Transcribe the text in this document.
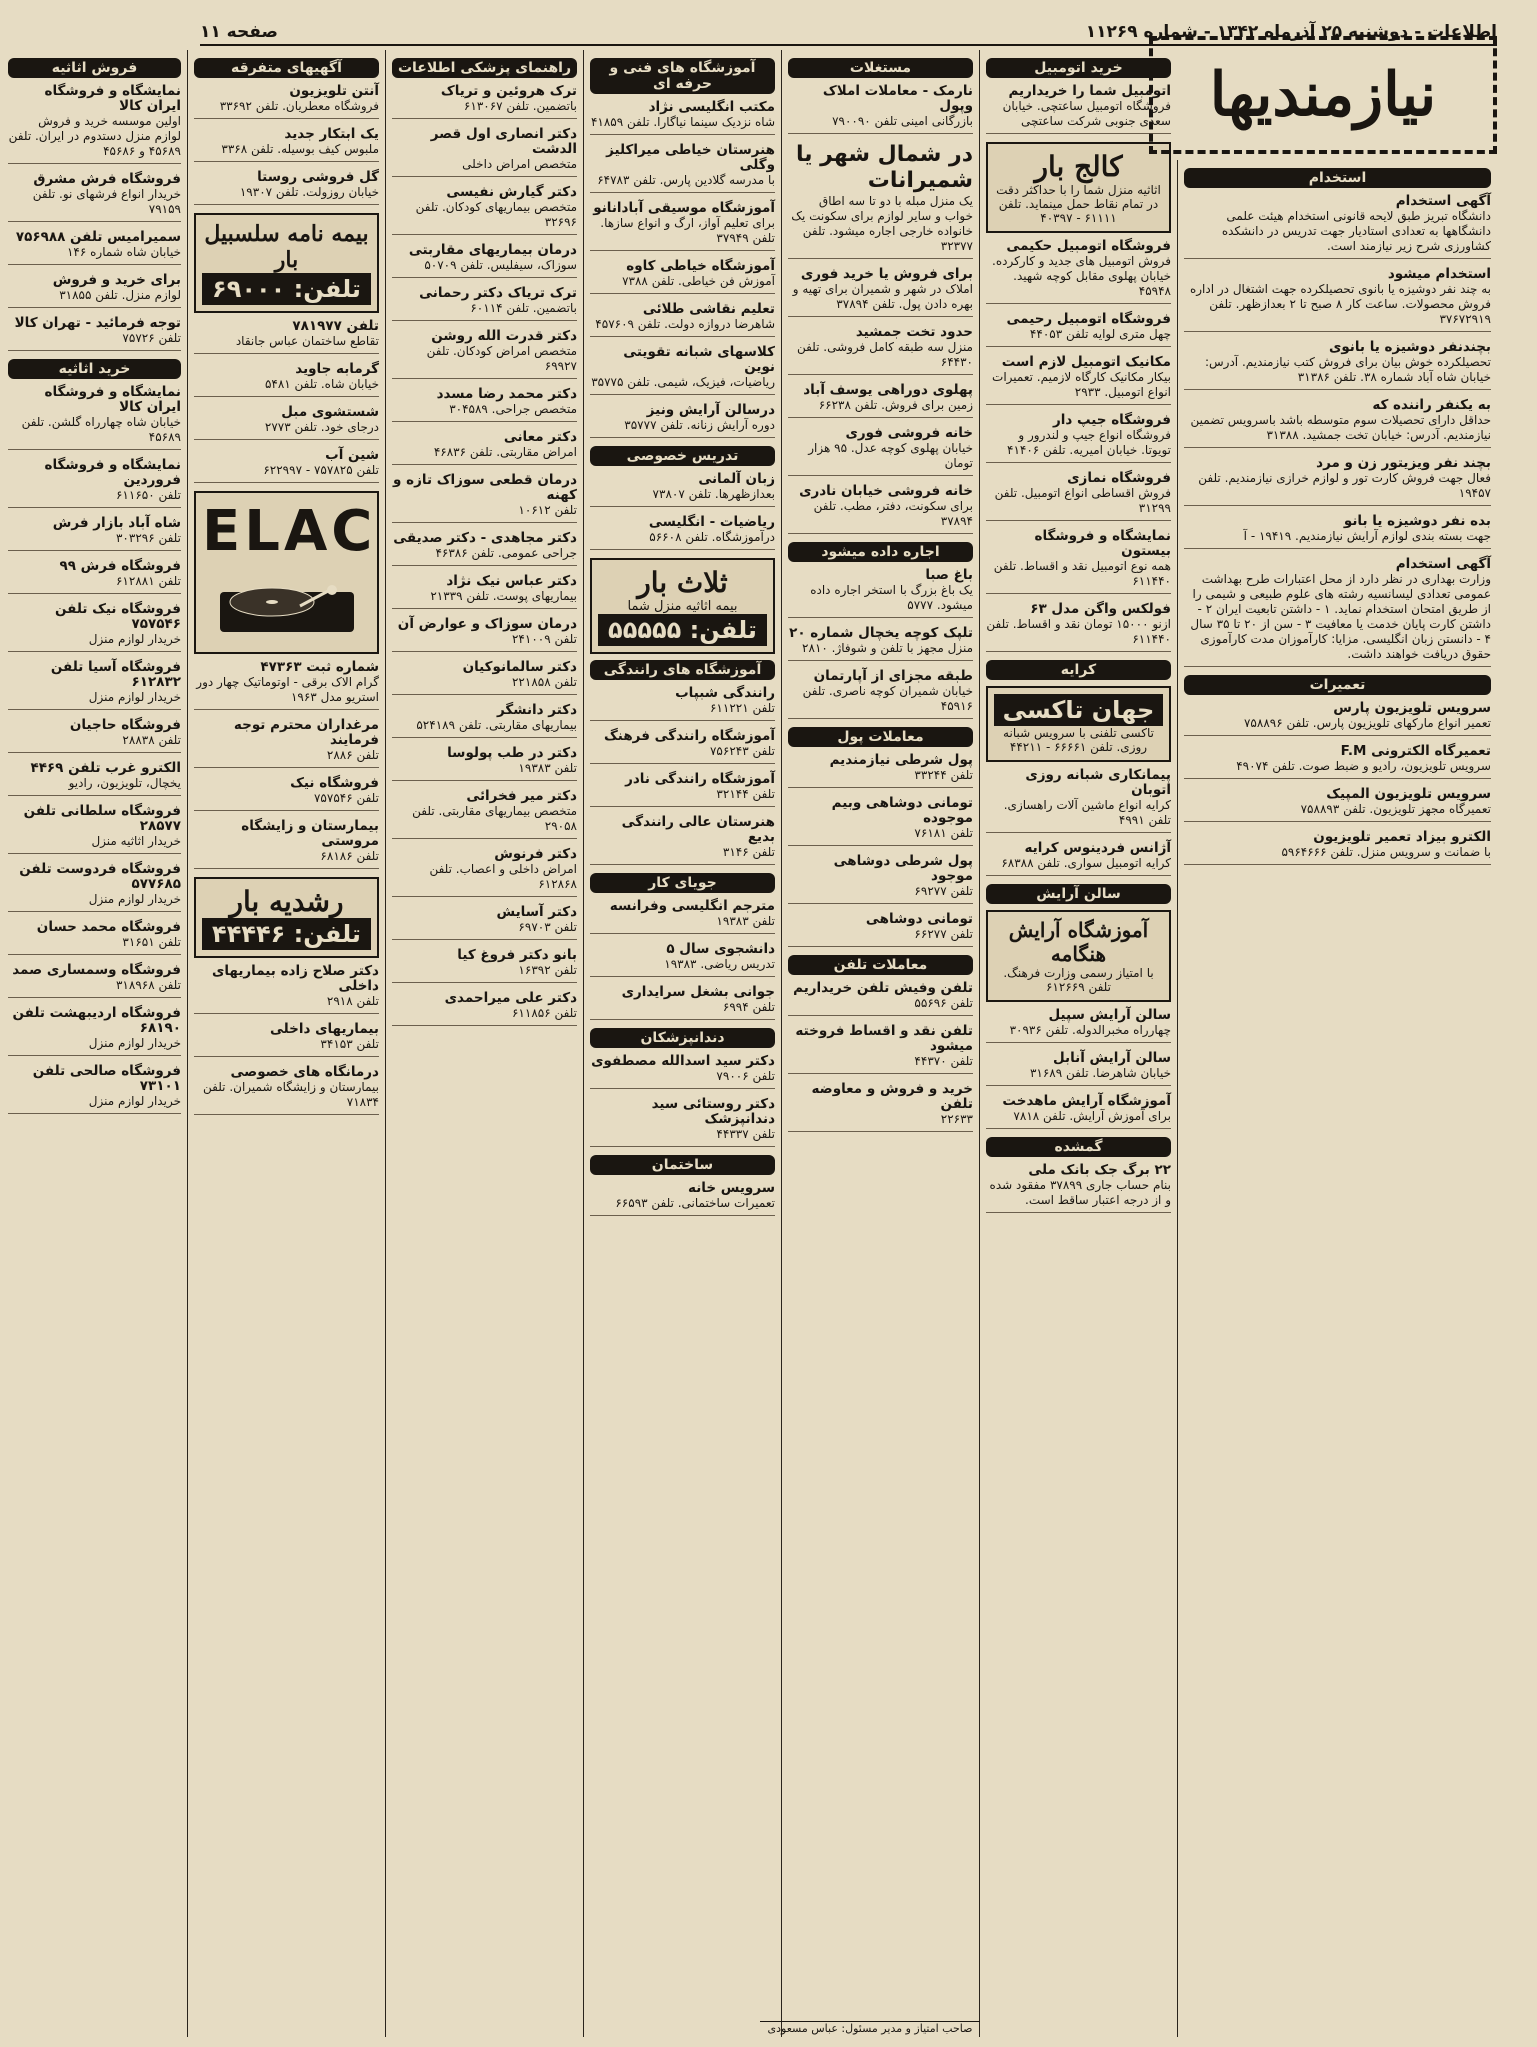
اطلاعات - دوشنبه ۲۵ آذرماه ۱۳۴۲ - شماره ۱۱۲۶۹
صفحه ۱۱
استخدام
آگهی استخدام
دانشگاه تبریز طبق لایحه قانونی استخدام هیئت علمی دانشگاهها به تعدادی استادیار جهت تدریس در دانشکده کشاورزی شرح زیر نیازمند است.
استخدام میشود
به چند نفر دوشیزه یا بانوی تحصیلکرده جهت اشتغال در اداره فروش محصولات. ساعت کار ۸ صبح تا ۲ بعدازظهر. تلفن ۳۷۶۷۲۹۱۹
بچندنفر دوشیزه یا بانوی
تحصیلکرده خوش بیان برای فروش کتب نیازمندیم. آدرس: خیابان شاه آباد شماره ۳۸. تلفن ۳۱۳۸۶
به یکنفر راننده که
حداقل دارای تحصیلات سوم متوسطه باشد باسرویس تضمین نیازمندیم. آدرس: خیابان تخت جمشید. ۳۱۳۸۸
بچند نفر ویزیتور زن و مرد
فعال جهت فروش کارت تور و لوازم خرازی نیازمندیم. تلفن ۱۹۴۵۷
بده نفر دوشیزه یا بانو
جهت بسته بندی لوازم آرایش نیازمندیم. ۱۹۴۱۹ - آ
آگهی استخدام
وزارت بهداری در نظر دارد از محل اعتبارات طرح بهداشت عمومی تعدادی لیسانسیه رشته های علوم طبیعی و شیمی را از طریق امتحان استخدام نماید. ۱ - داشتن تابعیت ایران ۲ - داشتن کارت پایان خدمت یا معافیت ۳ - سن از ۲۰ تا ۳۵ سال ۴ - دانستن زبان انگلیسی. مزایا: کارآموزان مدت کارآموزی حقوق دریافت خواهند داشت.
تعمیرات
سرویس تلویزیون پارس
تعمیر انواع مارکهای تلویزیون پارس. تلفن ۷۵۸۸۹۶
تعمیرگاه الکترونی F.M
سرویس تلویزیون، رادیو و ضبط صوت. تلفن ۴۹۰۷۴
سرویس تلویزیون المپیک
تعمیرگاه مجهز تلویزیون. تلفن ۷۵۸۸۹۳
الکترو بیزاد تعمیر تلویزیون
با ضمانت و سرویس منزل. تلفن ۵۹۶۴۶۶۶
خرید اتومبیل
اتومبیل شما را خریداریم
فروشگاه اتومبیل ساعتچی. خیابان سعدی جنوبی شرکت ساعتچی
کالج بار
اثاثیه منزل شما را با حداکثر دقت در تمام نقاط حمل مینماید. تلفن ۶۱۱۱۱ - ۴۰۳۹۷
فروشگاه اتومبیل حکیمی
فروش اتومبیل های جدید و کارکرده. خیابان پهلوی مقابل کوچه شهید. ۴۵۹۴۸
فروشگاه اتومبیل رحیمی
چهل متری لوایه تلفن ۴۴۰۵۳
مکانیک اتومبیل لازم است
بیکار مکانیک کارگاه لازمیم. تعمیرات انواع اتومبیل. ۲۹۳۳
فروشگاه جیپ دار
فروشگاه انواع جیپ و لندرور و تویوتا. خیابان امیریه. تلفن ۴۱۴۰۶
فروشگاه نمازی
فروش اقساطی انواع اتومبیل. تلفن ۳۱۲۹۹
نمایشگاه و فروشگاه بیستون
همه نوع اتومبیل نقد و اقساط. تلفن ۶۱۱۴۴۰
فولکس واگن مدل ۶۳
ازنو ۱۵۰۰۰ تومان نقد و اقساط. تلفن ۶۱۱۴۴۰
کرایه
جهان تاکسی
تاکسی تلفنی با سرویس شبانه روزی. تلفن ۶۶۶۶۱ - ۴۴۲۱۱
پیمانکاری شبانه روزی اتوبان
کرایه انواع ماشین آلات راهسازی. تلفن ۴۹۹۱
آژانس فردینوس کرایه
کرایه اتومبیل سواری. تلفن ۶۸۳۸۸
سالن آرایش
آموزشگاه آرایش هنگامه
با امتیاز رسمی وزارت فرهنگ. تلفن ۶۱۲۶۶۹
سالن آرایش سپیل
چهارراه مخبرالدوله. تلفن ۳۰۹۳۶
سالن آرایش آنابل
خیابان شاهرضا. تلفن ۳۱۶۸۹
آموزشگاه آرایش ماهدخت
برای آموزش آرایش. تلفن ۷۸۱۸
گمشده
۲۲ برگ جک بانک ملی
بنام حساب جاری ۳۷۸۹۹ مفقود شده و از درجه اعتبار ساقط است.
مستغلات
نارمک - معاملات املاک وپول
بازرگانی امینی تلفن ۷۹۰۰۹۰
در شمال شهر یا شمیرانات
یک منزل مبله با دو تا سه اطاق خواب و سایر لوازم برای سکونت یک خانواده خارجی اجاره میشود. تلفن ۳۲۳۷۷
برای فروش یا خرید فوری
املاک در شهر و شمیران برای تهیه و بهره دادن پول. تلفن ۳۷۸۹۴
حدود تخت جمشید
منزل سه طبقه کامل فروشی. تلفن ۶۴۴۳۰
پهلوی دوراهی یوسف آباد
زمین برای فروش. تلفن ۶۶۲۳۸
خانه فروشی فوری
خیابان پهلوی کوچه عدل. ۹۵ هزار تومان
خانه فروشی خیابان نادری
برای سکونت، دفتر، مطب. تلفن ۳۷۸۹۴
اجاره داده میشود
باغ صبا
یک باغ بزرگ با استخر اجاره داده میشود. ۵۷۷۷
تلپک کوچه یخچال شماره ۲۰
منزل مجهز با تلفن و شوفاژ. ۲۸۱۰
طبقه مجزای از آپارتمان
خیابان شمیران کوچه ناصری. تلفن ۴۵۹۱۶
معاملات پول
پول شرطی نیازمندیم
تلفن ۳۳۲۴۴
تومانی دوشاهی وبیم موجوده
تلفن ۷۶۱۸۱
پول شرطی دوشاهی موجود
تلفن ۶۹۲۷۷
تومانی دوشاهی
تلفن ۶۶۲۷۷
معاملات تلفن
تلفن وفیش تلفن خریداریم
تلفن ۵۵۶۹۶
تلفن نقد و اقساط فروخته میشود
تلفن ۴۴۳۷۰
خرید و فروش و معاوضه تلفن
۲۲۶۳۳
آموزشگاه های فنی و حرفه ای
مکتب انگلیسی نژاد
شاه نزدیک سینما نیاگارا. تلفن ۴۱۸۵۹
هنرستان خیاطی میراکلیز وگلی
با مدرسه گلادین پارس. تلفن ۶۴۷۸۳
آموزشگاه موسیقی آبادانانو
برای تعلیم آواز، ارگ و انواع سازها. تلفن ۳۷۹۴۹
آموزشگاه خیاطی کاوه
آموزش فن خیاطی. تلفن ۷۳۸۸
تعلیم نقاشی طلائی
شاهرضا دروازه دولت. تلفن ۴۵۷۶۰۹
کلاسهای شبانه تقویتی نوین
ریاضیات، فیزیک، شیمی. تلفن ۳۵۷۷۵
درسالن آرایش ونیز
دوره آرایش زنانه. تلفن ۳۵۷۷۷
تدریس خصوصی
زبان آلمانی
بعدازظهرها. تلفن ۷۳۸۰۷
ریاضیات - انگلیسی
درآموزشگاه. تلفن ۵۶۶۰۸
ثلاث بار
بیمه اثاثیه منزل شما
تلفن: ۵۵۵۵۵
آموزشگاه های رانندگی
رانندگی شبپاب
تلفن ۶۱۱۲۲۱
آموزشگاه رانندگی فرهنگ
تلفن ۷۵۶۲۴۳
آموزشگاه رانندگی نادر
تلفن ۳۲۱۴۴
هنرستان عالی رانندگی بدیع
تلفن ۳۱۴۶
جویای کار
مترجم انگلیسی وفرانسه
تلفن ۱۹۳۸۳
دانشجوی سال ۵
تدریس ریاضی. ۱۹۳۸۳
جوانی بشغل سرایداری
تلفن ۶۹۹۴
دندانپزشکان
دکتر سید اسدالله مصطفوی
تلفن ۷۹۰۰۶
دکتر روستائی سید دندانپزشک
تلفن ۴۴۳۳۷
ساختمان
سرویس خانه
تعمیرات ساختمانی. تلفن ۶۶۵۹۳
راهنمای پزشکی اطلاعات
ترک هروئین و تریاک
باتضمین. تلفن ۶۱۳۰۶۷
دکتر انصاری اول قصر الدشت
متخصص امراض داخلی
دکتر گیارش نفیسی
متخصص بیماریهای کودکان. تلفن ۳۲۶۹۶
درمان بیماریهای مقاربتی
سوزاک، سیفلیس. تلفن ۵۰۷۰۹
ترک تریاک دکتر رحمانی
باتضمین. تلفن ۶۰۱۱۴
دکتر قدرت الله روشن
متخصص امراض کودکان. تلفن ۶۹۹۲۷
دکتر محمد رضا مسدد
متخصص جراحی. ۳۰۴۵۸۹
دکتر معانی
امراض مقاربتی. تلفن ۴۶۸۳۶
درمان قطعی سوزاک تازه و کهنه
تلفن ۱۰۶۱۲
دکتر مجاهدی - دکتر صدیقی
جراحی عمومی. تلفن ۴۶۳۸۶
دکتر عباس نیک نژاد
بیماریهای پوست. تلفن ۲۱۳۳۹
درمان سوزاک و عوارض آن
تلفن ۲۴۱۰۰۹
دکتر سالمانوکیان
تلفن ۲۲۱۸۵۸
دکتر دانشگر
بیماریهای مقاربتی. تلفن ۵۲۴۱۸۹
دکتر در طب پولوسا
تلفن ۱۹۳۸۳
دکتر میر فخرائی
متخصص بیماریهای مقاربتی. تلفن ۲۹۰۵۸
دکتر فرنوش
امراض داخلی و اعصاب. تلفن ۶۱۲۸۶۸
دکتر آسایش
تلفن ۶۹۷۰۳
بانو دکتر فروغ کیا
تلفن ۱۶۳۹۲
دکتر علی میراحمدی
تلفن ۶۱۱۸۵۶
آگهیهای متفرقه
آنتن تلویزیون
فروشگاه معطریان. تلفن ۳۳۶۹۲
یک ابتکار جدید
ملبوس کیف بوسیله. تلفن ۳۳۶۸
گل فروشی روستا
خیابان روزولت. تلفن ۱۹۳۰۷
بیمه نامه سلسبیل بار
تلفن: ۶۹۰۰۰
تلفن ۷۸۱۹۷۷
تقاطع ساختمان عباس جانقاد
گرمابه جاوید
خیابان شاه. تلفن ۵۴۸۱
شستشوی مبل
درجای خود. تلفن ۲۷۷۳
شین آب
تلفن ۷۵۷۸۲۵ - ۶۲۲۹۹۷
ELAC
شماره ثبت ۴۷۳۶۳
گرام الاک برقی - اوتوماتیک چهار دور استریو مدل ۱۹۶۳
مرغداران محترم توجه فرمایند
تلفن ۲۸۸۶
فروشگاه نیک
تلفن ۷۵۷۵۴۶
بیمارستان و زایشگاه مروستی
تلفن ۶۸۱۸۶
رشدیه بار
تلفن: ۴۴۴۴۶
دکتر صلاح زاده بیماریهای داخلی
تلفن ۲۹۱۸
بیماریهای داخلی
تلفن ۳۴۱۵۳
درمانگاه های خصوصی
بیمارستان و زایشگاه شمیران. تلفن ۷۱۸۳۴
فروش اثاثیه
نمایشگاه و فروشگاه ایران کالا
اولین موسسه خرید و فروش لوازم منزل دستدوم در ایران. تلفن ۴۵۶۸۹ و ۴۵۶۸۶
فروشگاه فرش مشرق
خریدار انواع فرشهای نو. تلفن ۷۹۱۵۹
سمیرامیس تلفن ۷۵۶۹۸۸
خیابان شاه شماره ۱۴۶
برای خرید و فروش
لوازم منزل. تلفن ۳۱۸۵۵
توجه فرمائید - تهران کالا
تلفن ۷۵۷۲۶
خرید اثاثیه
نمایشگاه و فروشگاه ایران کالا
خیابان شاه چهارراه گلشن. تلفن ۴۵۶۸۹
نمایشگاه و فروشگاه فروردین
تلفن ۶۱۱۶۵۰
شاه آباد بازار فرش
تلفن ۳۰۳۲۹۶
فروشگاه فرش ۹۹
تلفن ۶۱۲۸۸۱
فروشگاه نیک تلفن ۷۵۷۵۴۶
خریدار لوازم منزل
فروشگاه آسیا تلفن ۶۱۲۸۳۲
خریدار لوازم منزل
فروشگاه حاجیان
تلفن ۲۸۸۳۸
الکترو غرب تلفن ۴۴۶۹
یخچال، تلویزیون، رادیو
فروشگاه سلطانی تلفن ۲۸۵۷۷
خریدار اثاثیه منزل
فروشگاه فردوست تلفن ۵۷۷۶۸۵
خریدار لوازم منزل
فروشگاه محمد حسان
تلفن ۳۱۶۵۱
فروشگاه وسمساری صمد
تلفن ۳۱۸۹۶۸
فروشگاه اردیبهشت تلفن ۶۸۱۹۰
خریدار لوازم منزل
فروشگاه صالحی تلفن ۷۳۱۰۱
خریدار لوازم منزل
نیازمندیها
صاحب امتیاز و مدیر مسئول: عباس مسعودی
